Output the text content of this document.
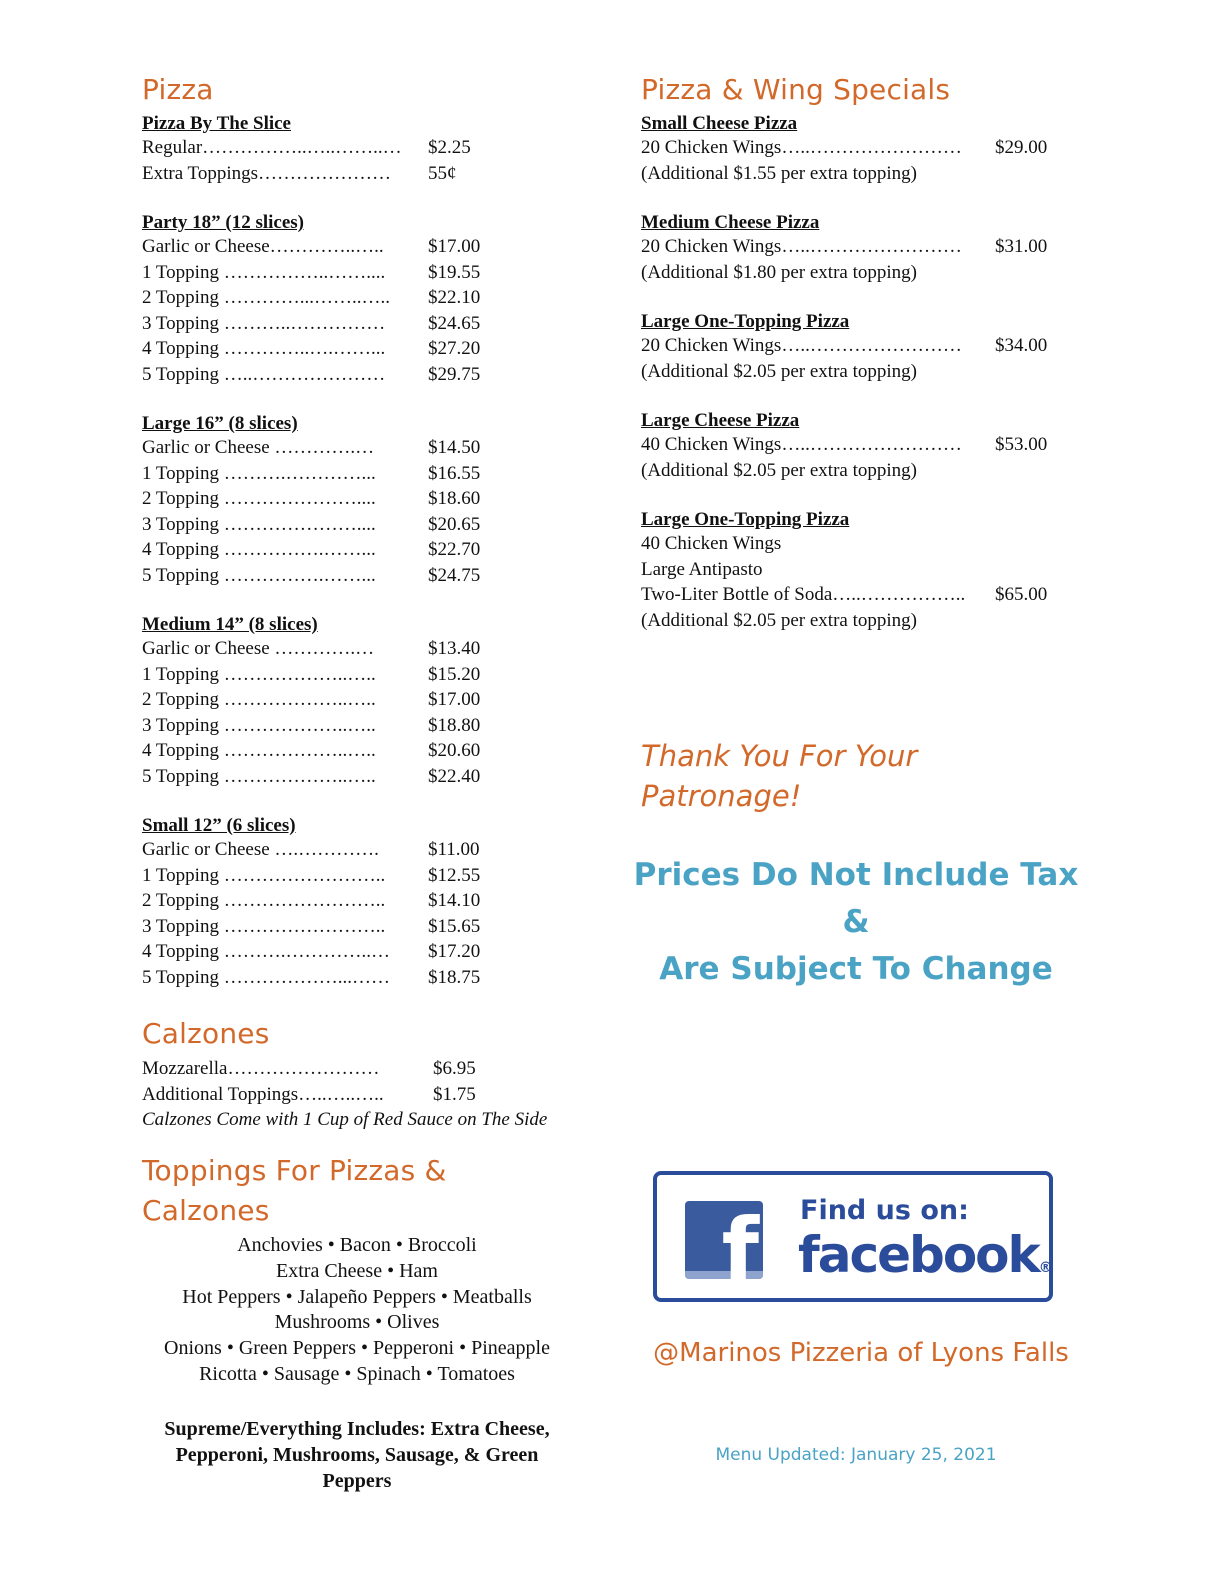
Pizza
Pizza By The Slice
Regular……………..…..……..… $2.25
Extra Toppings………………… 55¢
Party 18” (12 slices)
Garlic or Cheese…………..….. $17.00
1 Topping ……………..…….... $19.55
2 Topping …………...……..….. $22.10
3 Topping ………..…………… $24.65
4 Topping …………..….……... $27.20
5 Topping …..………………… $29.75
Large 16” (8 slices)
Garlic or Cheese ………….…	$14.50
1 Topping ……….…………...	$16.55
2 Topping …………………....	$18.60
3 Topping …………………....	$20.65
4 Topping …………….……...	$22.70
5 Topping …………….……...	$24.75
Medium 14” (8 slices)
Garlic or Cheese ………….…	$13.40
1 Topping ………………..…..	$15.20
2 Topping ………………..…..	$17.00
3 Topping ………………..…..	$18.80
4 Topping ………………..…..	$20.60
5 Topping ………………..…..	$22.40
Small 12” (6 slices)
Garlic or Cheese ….………….	$11.00
1 Topping …………………….. $12.55
2 Topping …………………….. $14.10
3 Topping …………………….. $15.65
4 Topping ……….…………..… $17.20
5 Topping ………………...…… $18.75
Calzones
Mozzarella……………………	$6.95
Additional Toppings…..…..…..	$1.75
Calzones Come with 1 Cup of Red Sauce on The Side
Toppings For Pizzas & Calzones
Anchovies • Bacon • Broccoli
Extra Cheese • Ham
Hot Peppers • Jalapeño Peppers • Meatballs
Mushrooms • Olives
Onions • Green Peppers • Pepperoni • Pineapple
Ricotta • Sausage • Spinach • Tomatoes
Supreme/Everything Includes: Extra Cheese, Pepperoni, Mushrooms, Sausage, & Green Peppers
Pizza & Wing Specials
Small Cheese Pizza
20 Chicken Wings…..…………………… $29.00
(Additional $1.55 per extra topping)
Medium Cheese Pizza
20 Chicken Wings…..…………………… $31.00
(Additional $1.80 per extra topping)
Large One-Topping Pizza
20 Chicken Wings…..…………………… $34.00
(Additional $2.05 per extra topping)
Large Cheese Pizza
40 Chicken Wings…..…………………… $53.00
(Additional $2.05 per extra topping)
Large One-Topping Pizza
40 Chicken Wings
Large Antipasto
Two-Liter Bottle of Soda…..…………….. $65.00
(Additional $2.05 per extra topping)
Thank You For Your Patronage!
Prices Do Not Include Tax
&
Are Subject To Change
f Find us on:
facebook®
@Marinos Pizzeria of Lyons Falls
Menu Updated: January 25, 2021
